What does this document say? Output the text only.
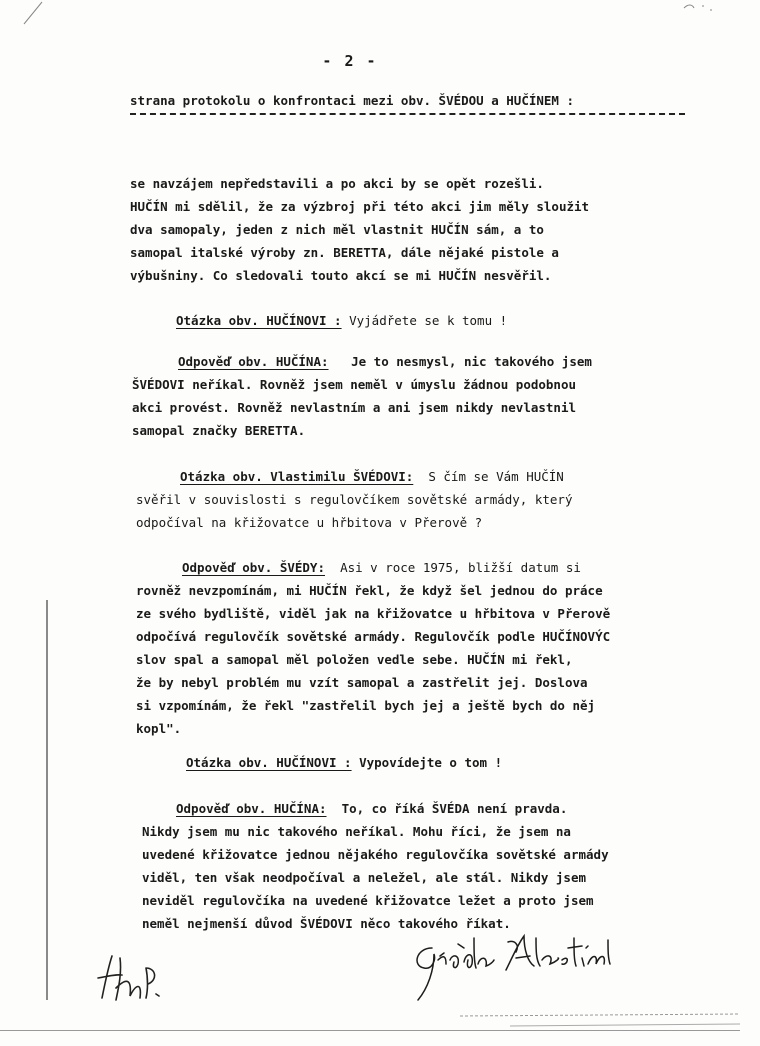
- 2 -
strana protokolu o konfrontaci mezi obv. ŠVÉDOU a HUČÍNEM :
se navzájem nepředstavili a po akci by se opět rozešli.
HUČÍN mi sdělil, že za výzbroj při této akci jim měly sloužit
dva samopaly, jeden z nich měl vlastnit HUČÍN sám, a to
samopal italské výroby zn. BERETTA, dále nějaké pistole a
výbušniny. Co sledovali touto akcí se mi HUČÍN nesvěřil.
Otázka obv. HUČÍNOVI : Vyjádřete se k tomu !
Odpověď obv. HUČÍNA: Je to nesmysl, nic takového jsem
ŠVÉDOVI neříkal. Rovněž jsem neměl v úmyslu žádnou podobnou
akci provést. Rovněž nevlastním a ani jsem nikdy nevlastnil
samopal značky BERETTA.
Otázka obv. Vlastimilu ŠVÉDOVI: S čím se Vám HUČÍN
svěřil v souvislosti s regulovčíkem sovětské armády, který
odpočíval na křižovatce u hřbitova v Přerově ?
Odpověď obv. ŠVÉDY: Asi v roce 1975, bližší datum si
rovněž nevzpomínám, mi HUČÍN řekl, že když šel jednou do práce
ze svého bydliště, viděl jak na křižovatce u hřbitova v Přerově
odpočívá regulovčík sovětské armády. Regulovčík podle HUČÍNOVÝC
slov spal a samopal měl položen vedle sebe. HUČÍN mi řekl,
že by nebyl problém mu vzít samopal a zastřelit jej. Doslova
si vzpomínám, že řekl "zastřelil bych jej a ještě bych do něj
kopl".
Otázka obv. HUČÍNOVI : Vypovídejte o tom !
Odpověď obv. HUČÍNA: To, co říká ŠVÉDA není pravda.
Nikdy jsem mu nic takového neříkal. Mohu říci, že jsem na
uvedené křižovatce jednou nějakého regulovčíka sovětské armády
viděl, ten však neodpočíval a neležel, ale stál. Nikdy jsem
neviděl regulovčíka na uvedené křižovatce ležet a proto jsem
neměl nejmenší důvod ŠVÉDOVI něco takového říkat.
